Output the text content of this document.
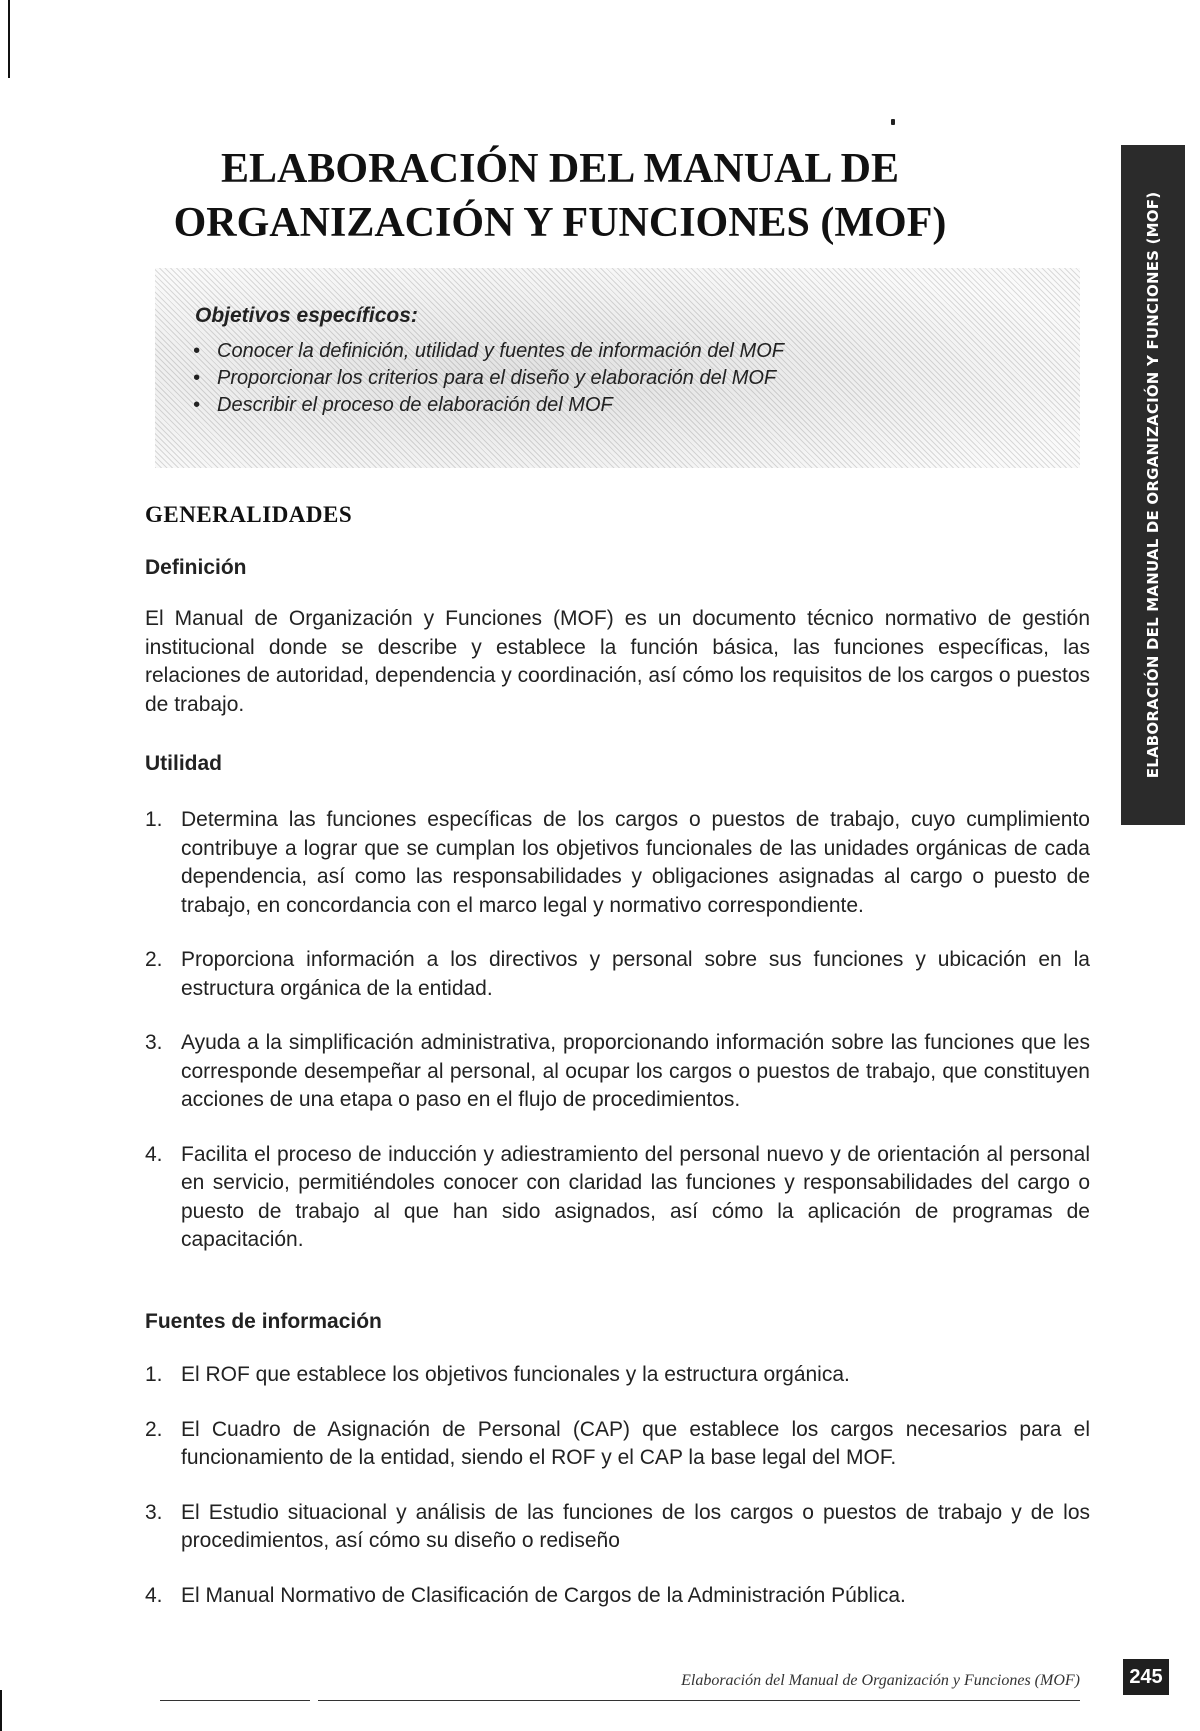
ELABORACIÓN DEL MANUAL DE
ORGANIZACIÓN Y FUNCIONES (MOF)

Objetivos específicos:

• Conocer la definición, utilidad y fuentes de información del MOF
• Proporcionar los criterios para el diseño y elaboración del MOF
• Describir el proceso de elaboración del MOF	ELABORACIÓN DEL MANUAL DE ORGANIZACIÓN Y FUNCIONES (MOF)
GENERALIDADES
Definición

El Manual de Organización y Funciones (MOF) es un documento técnico normativo de gestión institucional donde se describe y establece la función básica, las funciones específicas, las relaciones de autoridad, dependencia y coordinación, así cómo los requisitos de los cargos o puestos de trabajo.

Utilidad
1. Determina las funciones específicas de los cargos o puestos de trabajo, cuyo cumplimiento contribuye a lograr que se cumplan los objetivos funcionales de las unidades orgánicas de cada dependencia, así como las responsabilidades y obligaciones asignadas al cargo o puesto de trabajo, en concordancia con el marco legal y normativo correspondiente.
2. Proporciona información a los directivos y personal sobre sus funciones y ubicación en la estructura orgánica de la entidad.
3. Ayuda a la simplificación administrativa, proporcionando información sobre las funciones que les corresponde desempeñar al personal, al ocupar los cargos o puestos de trabajo, que constituyen acciones de una etapa o paso en el flujo de procedimientos.
4. Facilita el proceso de inducción y adiestramiento del personal nuevo y de orientación al personal en servicio, permitiéndoles conocer con claridad las funciones y responsabilidades del cargo o puesto de trabajo al que han sido asignados, así cómo la aplicación de programas de capacitación.
Fuentes de información
1. El ROF que establece los objetivos funcionales y la estructura orgánica.
2. El Cuadro de Asignación de Personal (CAP) que establece los cargos necesarios para el funcionamiento de la entidad, siendo el ROF y el CAP la base legal del MOF.
3. El Estudio situacional y análisis de las funciones de los cargos o puestos de trabajo y de los procedimientos, así cómo su diseño o rediseño
4. El Manual Normativo de Clasificación de Cargos de la Administración Pública.

Elaboración del Manual de Organización y Funciones (MOF)	245
